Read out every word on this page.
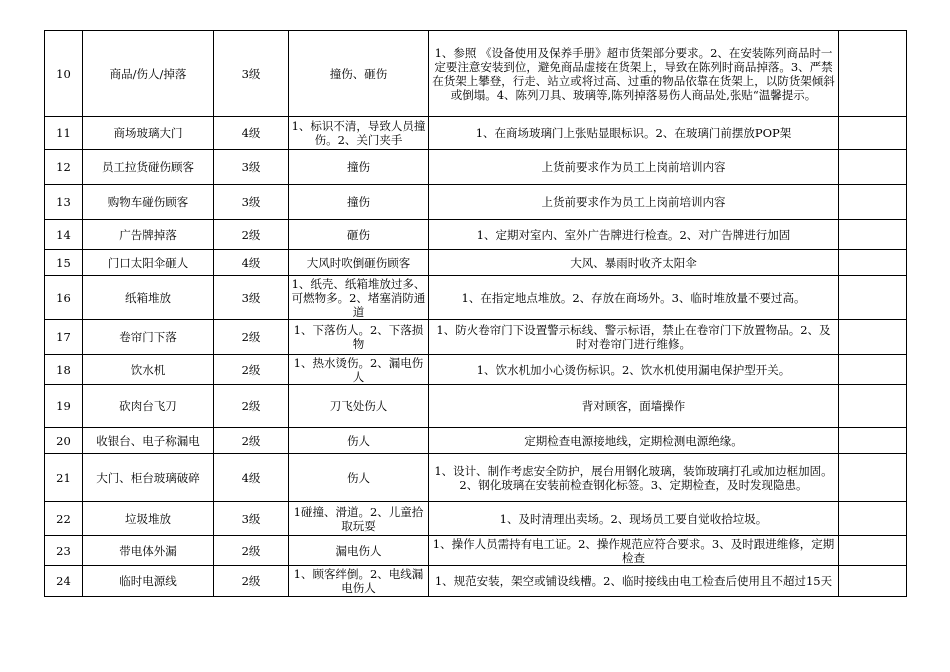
10	商品/伤人/掉落	3级	撞伤、砸伤	1、参照 《设备使用及保养手册》超市货架部分要求。2、在安装陈列商品时一定要注意安装到位，避免商品虚接在货架上，导致在陈列时商品掉落。3、严禁在货架上攀登，行走、站立或将过高、过重的物品依靠在货架上，以防货架倾斜或倒塌。4、陈列刀具、玻璃等,陈列掉落易伤人商品处,张贴“温馨提示。	
11	商场玻璃大门	4级	1、标识不清，导致人员撞伤。2、关门夹手	1、在商场玻璃门上张贴显眼标识。2、在玻璃门前摆放POP架	
12	员工拉货碰伤顾客	3级	撞伤	上货前要求作为员工上岗前培训内容	
13	购物车碰伤顾客	3级	撞伤	上货前要求作为员工上岗前培训内容	
14	广告牌掉落	2级	砸伤	1、定期对室内、室外广告牌进行检查。2、对广告牌进行加固	
15	门口太阳伞砸人	4级	大风时吹倒砸伤顾客	大风、暴雨时收齐太阳伞	
16	纸箱堆放	3级	1、纸壳、纸箱堆放过多、可燃物多。2、堵塞消防通道	1、在指定地点堆放。2、存放在商场外。3、临时堆放量不要过高。	
17	卷帘门下落	2级	1、下落伤人。2、下落损物	1、防火卷帘门下设置警示标线、警示标语，禁止在卷帘门下放置物品。2、及时对卷帘门进行维修。	
18	饮水机	2级	1、热水烫伤。2、漏电伤人	1、饮水机加小心烫伤标识。2、饮水机使用漏电保护型开关。	
19	砍肉台飞刀	2级	刀飞处伤人	背对顾客，面墙操作	
20	收银台、电子称漏电	2级	伤人	定期检查电源接地线，定期检测电源绝缘。	
21	大门、柜台玻璃破碎	4级	伤人	1、设计、制作考虑安全防护，展台用钢化玻璃，装饰玻璃打孔或加边框加固。2、钢化玻璃在安装前检查钢化标签。3、定期检查，及时发现隐患。	
22	垃圾堆放	3级	1碰撞、滑道。2、儿童拾取玩耍	1、及时清理出卖场。2、现场员工要自觉收拾垃圾。	
23	带电体外漏	2级	漏电伤人	1、操作人员需持有电工证。2、操作规范应符合要求。3、及时跟进维修，定期检查	
24	临时电源线	2级	1、顾客绊倒。2、电线漏电伤人	1、规范安装，架空或铺设线槽。2、临时接线由电工检查后使用且不超过15天	
